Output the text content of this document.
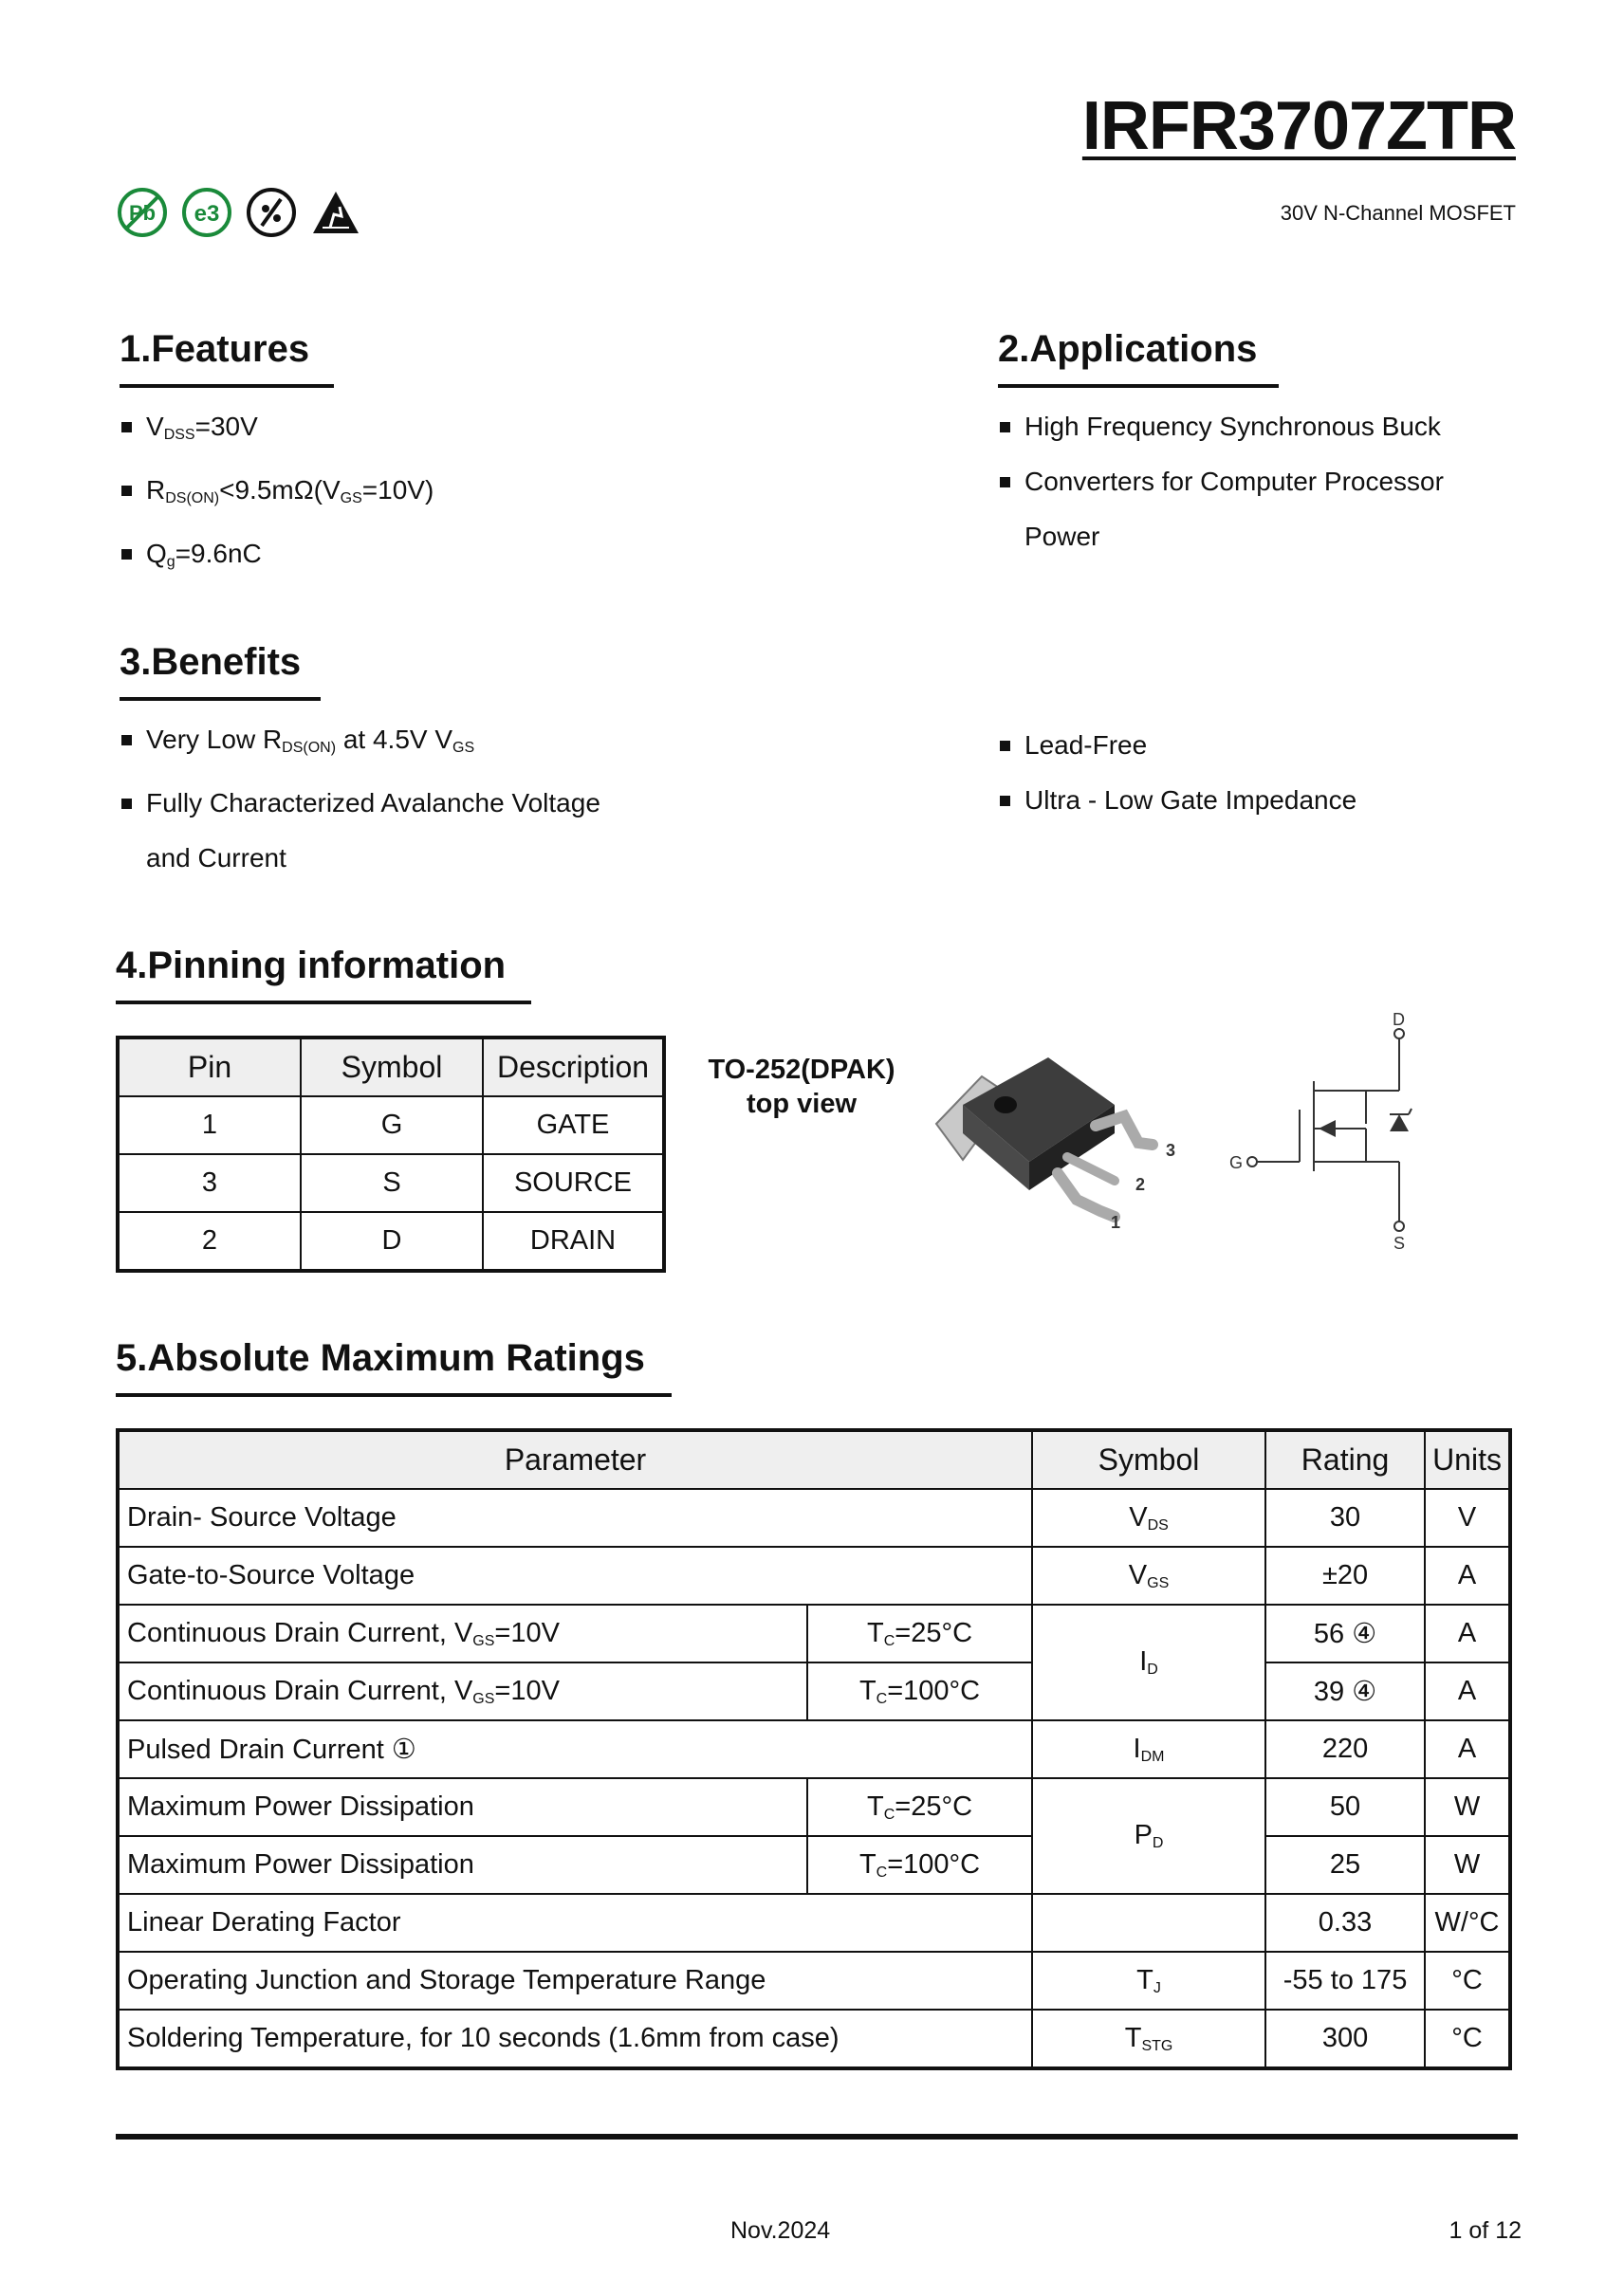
IRFR3707ZTR
30V N-Channel MOSFET
Pb e3
1.Features
$V_{DSS}=30V$
$R_{DS(ON)}<9.5m\Omega(V_{GS}=10V)$
$Q_g=9.6nC$
2.Applications
High Frequency Synchronous Buck
Converters for Computer Processor
Power
3.Benefits
Very Low $R_{DS(ON)}$ at 4.5V $V_{GS}$
Fully Characterized Avalanche Voltage
and Current
Lead-Free
Ultra - Low Gate Impedance
4.Pinning information
Pin	Symbol	Description
1	G	GATE
3	S	SOURCE
2	D	DRAIN
TO-252(DPAK)
top view
3
2
1
D
G
S
5.Absolute Maximum Ratings
Parameter		Symbol	Rating	Units
Drain- Source Voltage		$V_{DS}$	30	V
Gate-to-Source Voltage		$V_{GS}$	±20	A
Continuous Drain Current, $V_{GS}=10V$	$T_C=25^\circ C$	$I_D$	56 ④	A
Continuous Drain Current, $V_{GS}=10V$	$T_C=100^\circ C$		39 ④	A
Pulsed Drain Current ①		$I_{DM}$	220	A
Maximum Power Dissipation	$T_C=25^\circ C$	$P_D$	50	W
Maximum Power Dissipation	$T_C=100^\circ C$		25	W
Linear Derating Factor			0.33	W/°C
Operating Junction and Storage Temperature Range		$T_J$	-55 to 175	°C
Soldering Temperature, for 10 seconds (1.6mm from case)		$T_{STG}$	300	°C
Nov.2024	1 of 12
